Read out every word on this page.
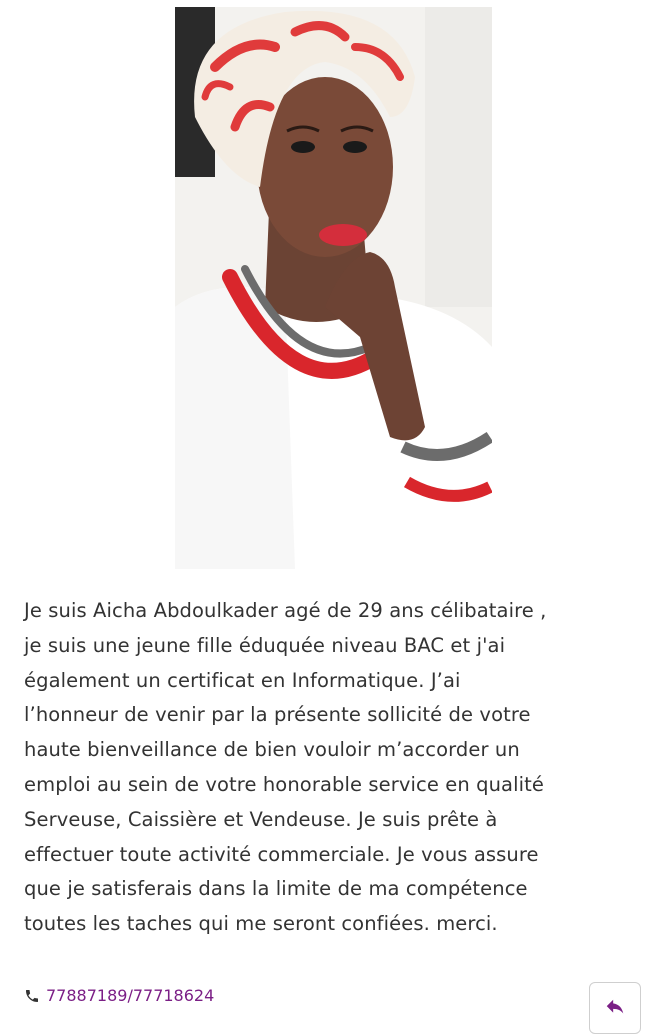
Je suis Aicha Abdoulkader agé de 29 ans célibataire ,
je suis une jeune fille éduquée niveau BAC et j'ai
également un certificat en Informatique. J’ai
l’honneur de venir par la présente sollicité de votre
haute bienveillance de bien vouloir m’accorder un
emploi au sein de votre honorable service en qualité
Serveuse, Caissière et Vendeuse. Je suis prête à
effectuer toute activité commerciale. Je vous assure
que je satisferais dans la limite de ma compétence
toutes les taches qui me seront confiées. merci.

77887189/77718624
